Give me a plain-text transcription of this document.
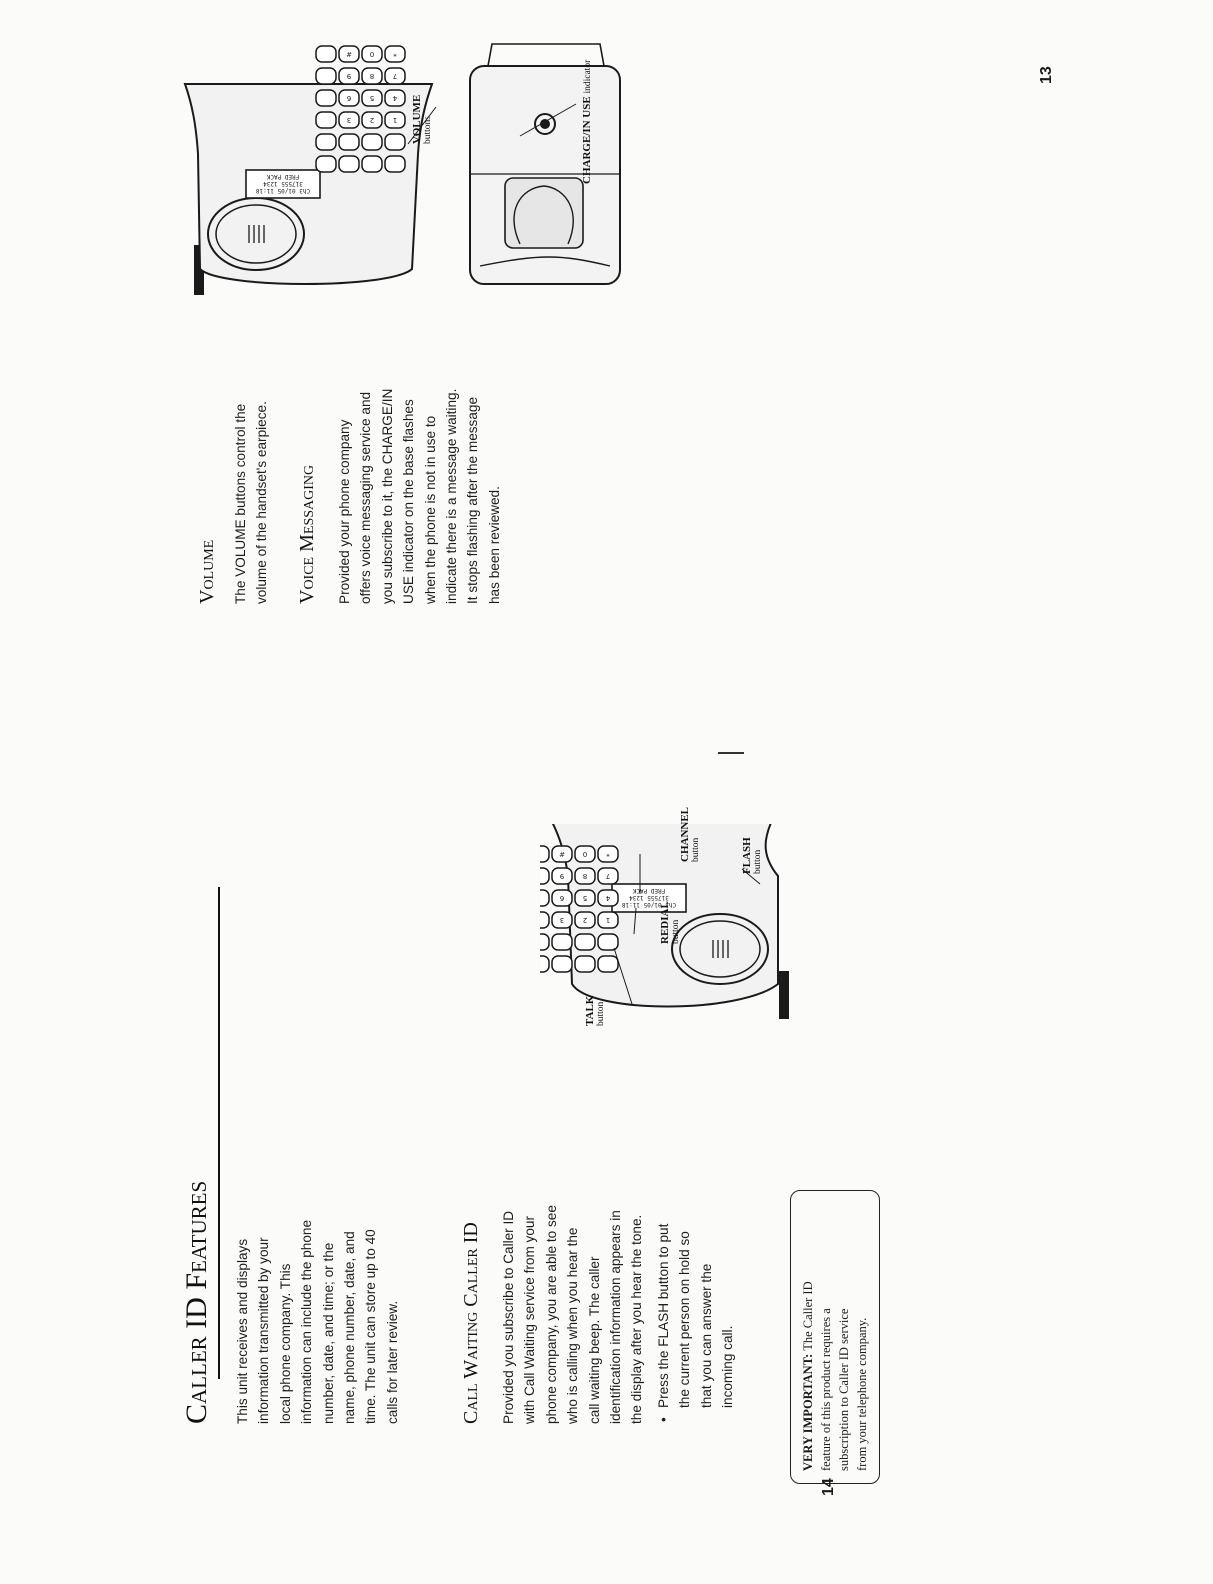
14
Caller ID Features This unit receives and displays information transmitted by your local phone company. This information can include the phone number, date, and time; or the name, phone number, date, and time. The unit can store up to 40 calls for later review.	Call Waiting Caller ID Provided you subscribe to Caller ID with Call Waiting service from your phone company, you are able to see who is calling when you hear the call waiting beep. The caller identification information appears in the display after you hear the tone. •

Press the FLASH button to put the current person on hold so that you can answer the incoming call.	VERY IMPORTANT: The Caller ID feature of this product requires a subscription to Caller ID service from your telephone company.
1
2
3
4
5
6
7
8
9
*
0
#
Ch3 01/05 11:18
317555 1234
FRED PACK
TALK button
REDIAL button
CHANNEL button	FLASH button
13
Volume The VOLUME buttons control the volume of the handset's earpiece. Voice Messaging Provided your phone company offers voice messaging service and you subscribe to it, the CHARGE/IN USE indicator on the base flashes when the phone is not in use to indicate there is a message waiting. It stops flashing after the message has been reviewed.

1
2
3
4
5
6
7
8
9
*
0
#
Ch3 01/05 11:18
317555 1234
FRED PACK
VOLUME buttons	CHARGE/IN USE indicator
